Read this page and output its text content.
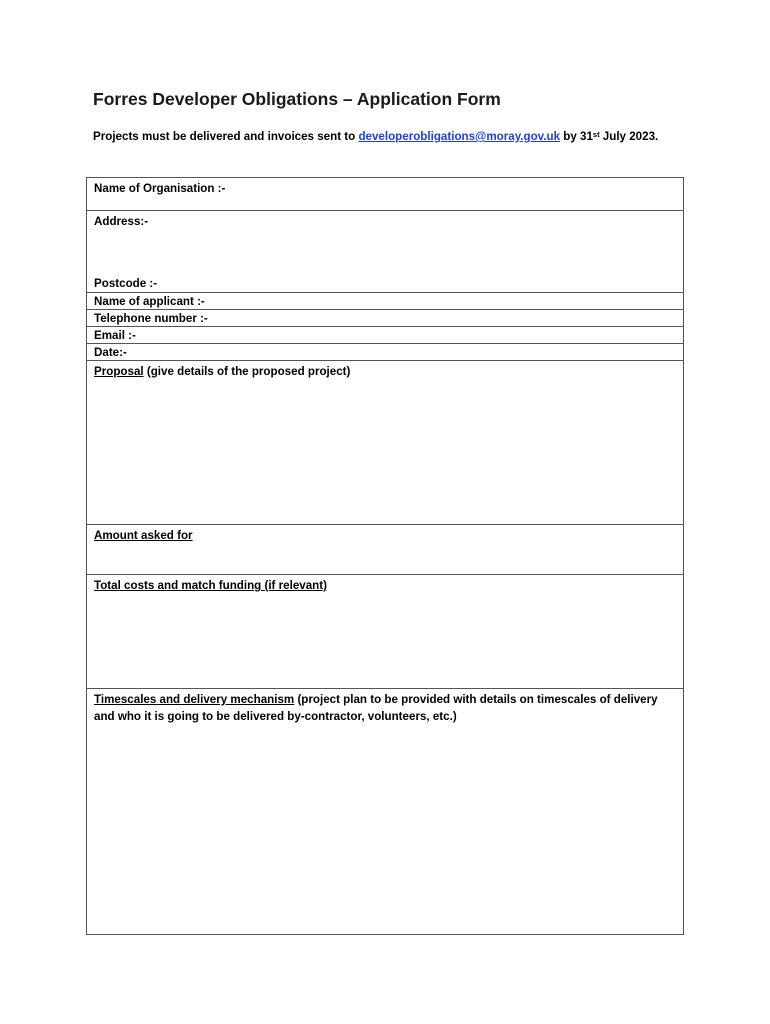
Forres Developer Obligations – Application Form
Projects must be delivered and invoices sent to developerobligations@moray.gov.uk by 31st July 2023.
Name of Organisation :-
Address:-
Postcode :-
Name of applicant :-
Telephone number :-
Email :-
Date:-
Proposal (give details of the proposed project)
Amount asked for
Total costs and match funding (if relevant)
Timescales and delivery mechanism (project plan to be provided with details on timescales of delivery and who it is going to be delivered by-contractor, volunteers, etc.)
